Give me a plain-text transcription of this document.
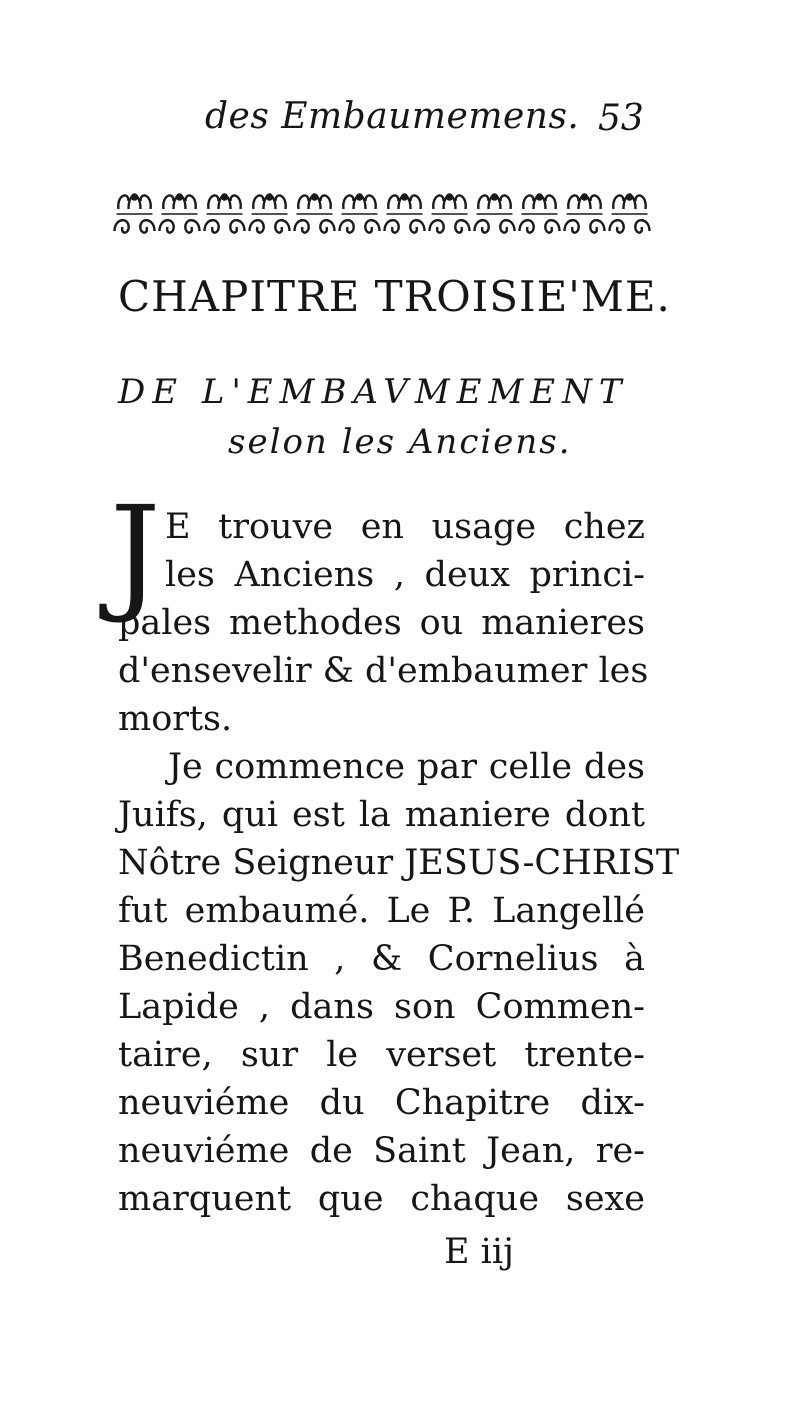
des Embaumemens. 53
CHAPITRE TROISIE'ME.
DE L'EMBAVMEMENT
selon les Anciens.
J E trouve en usage chez
les Anciens , deux princi-
pales methodes ou manieres
d'ensevelir & d'embaumer les
morts.
Je commence par celle des
Juifs, qui est la maniere dont
Nôtre Seigneur JESUS-CHRIST
fut embaumé. Le P. Langellé
Benedictin , & Cornelius à
Lapide , dans son Commen-
taire, sur le verset trente-
neuviéme du Chapitre dix-
neuviéme de Saint Jean, re-
marquent que chaque sexe
E iij
